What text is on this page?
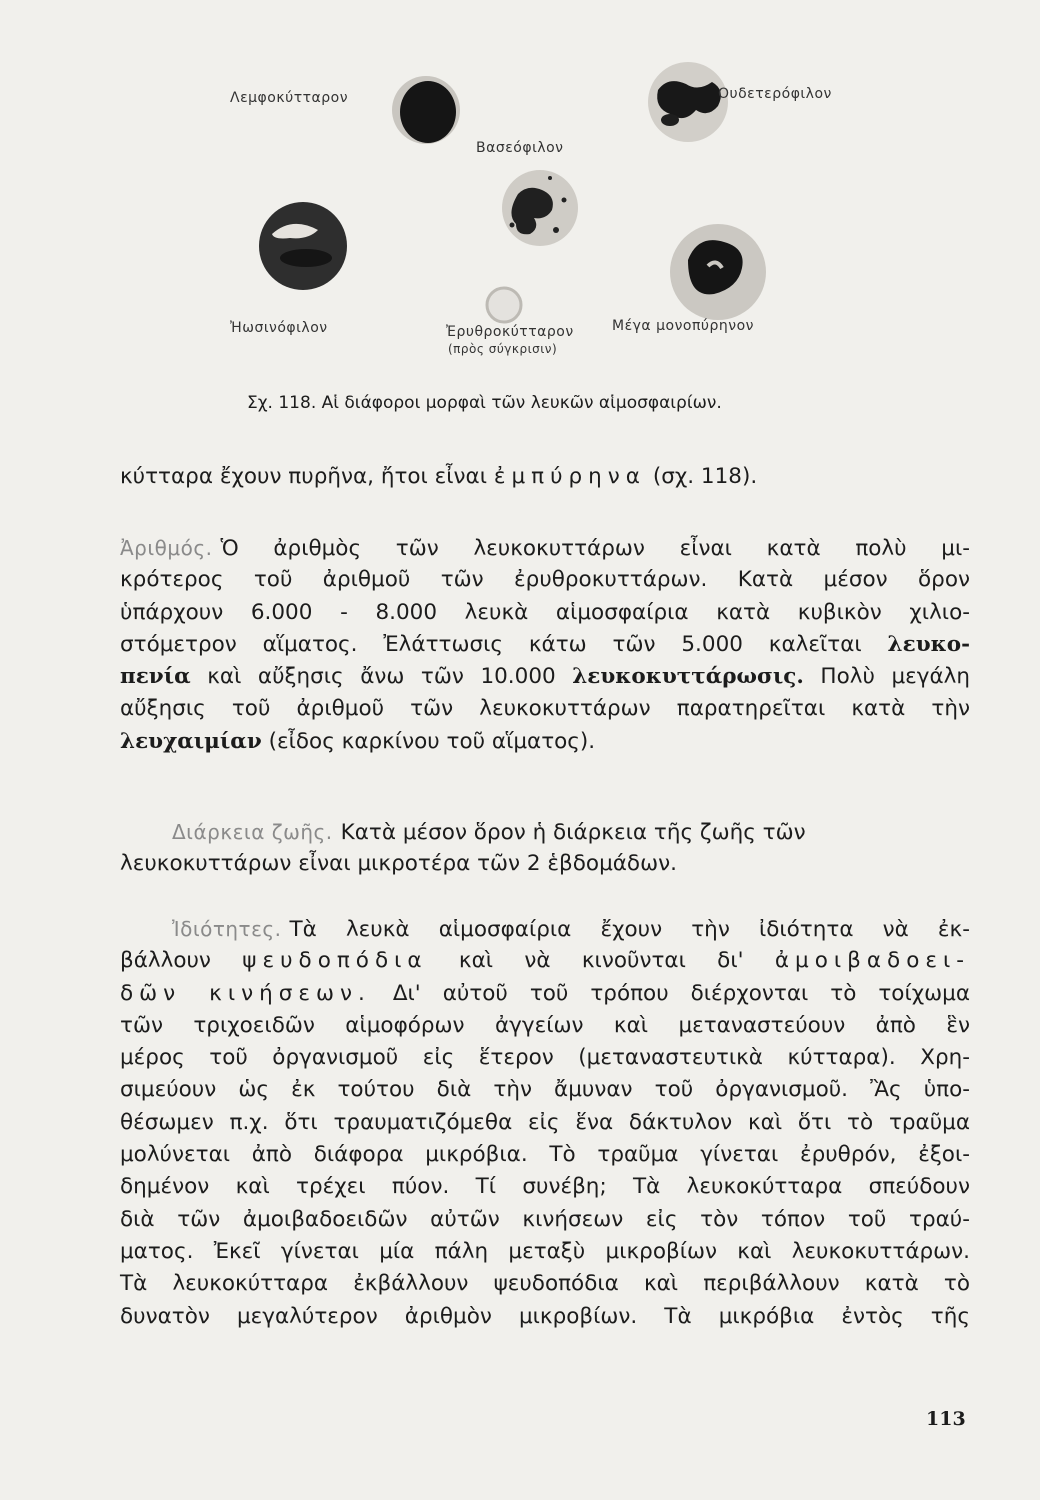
Λεμφοκύτταρον
Βασεόφιλον
Ουδετερόφιλον
Ἠωσινόφιλον	Ἐρυθροκύτταρον
(πρὸς σύγκρισιν)
Μέγα μονοπύρηνον
Σχ. 118. Αἱ διάφοροι μορφαὶ τῶν λευκῶν αἱμοσφαιρίων.
κύτταρα ἔχουν πυρῆνα, ἤτοι εἶναι ἐμπύρηνα (σχ. 118).
Ἀριθμός. Ὁ ἀριθμὸς τῶν λευκοκυττάρων εἶναι κατὰ πολὺ μι-
κρότερος τοῦ ἀριθμοῦ τῶν ἐρυθροκυττάρων. Κατὰ μέσον ὅρον
ὑπάρχουν 6.000 - 8.000 λευκὰ αἱμοσφαίρια κατὰ κυβικὸν χιλιο-
στόμετρον αἵματος. Ἐλάττωσις κάτω τῶν 5.000 καλεῖται λευκο-
πενία καὶ αὔξησις ἄνω τῶν 10.000 λευκοκυττάρωσις. Πολὺ μεγάλη
αὔξησις τοῦ ἀριθμοῦ τῶν λευκοκυττάρων παρατηρεῖται κατὰ τὴν
λευχαιμίαν (εἶδος καρκίνου τοῦ αἵματος).
Διάρκεια ζωῆς. Κατὰ μέσον ὅρον ἡ διάρκεια τῆς ζωῆς τῶν
λευκοκυττάρων εἶναι μικροτέρα τῶν 2 ἑβδομάδων.
Ἰδιότητες. Τὰ λευκὰ αἱμοσφαίρια ἔχουν τὴν ἰδιότητα νὰ ἐκ-
βάλλουν ψευδοπόδια καὶ νὰ κινοῦνται δι' ἀμοιβαδοει-
δῶν κινήσεων. Δι' αὐτοῦ τοῦ τρόπου διέρχονται τὸ τοίχωμα
τῶν τριχοειδῶν αἱμοφόρων ἀγγείων καὶ μεταναστεύουν ἀπὸ ἓν
μέρος τοῦ ὀργανισμοῦ εἰς ἕτερον (μεταναστευτικὰ κύτταρα). Χρη-
σιμεύουν ὡς ἐκ τούτου διὰ τὴν ἄμυναν τοῦ ὀργανισμοῦ. Ἂς ὑπο-
θέσωμεν π.χ. ὅτι τραυματιζόμεθα εἰς ἕνα δάκτυλον καὶ ὅτι τὸ τραῦμα
μολύνεται ἀπὸ διάφορα μικρόβια. Τὸ τραῦμα γίνεται ἐρυθρόν, ἐξοι-
δημένον καὶ τρέχει πύον. Τί συνέβη; Τὰ λευκοκύτταρα σπεύδουν
διὰ τῶν ἀμοιβαδοειδῶν αὐτῶν κινήσεων εἰς τὸν τόπον τοῦ τραύ-
ματος. Ἐκεῖ γίνεται μία πάλη μεταξὺ μικροβίων καὶ λευκοκυττάρων.
Τὰ λευκοκύτταρα ἐκβάλλουν ψευδοπόδια καὶ περιβάλλουν κατὰ τὸ
δυνατὸν μεγαλύτερον ἀριθμὸν μικροβίων. Τὰ μικρόβια ἐντὸς τῆς
113
